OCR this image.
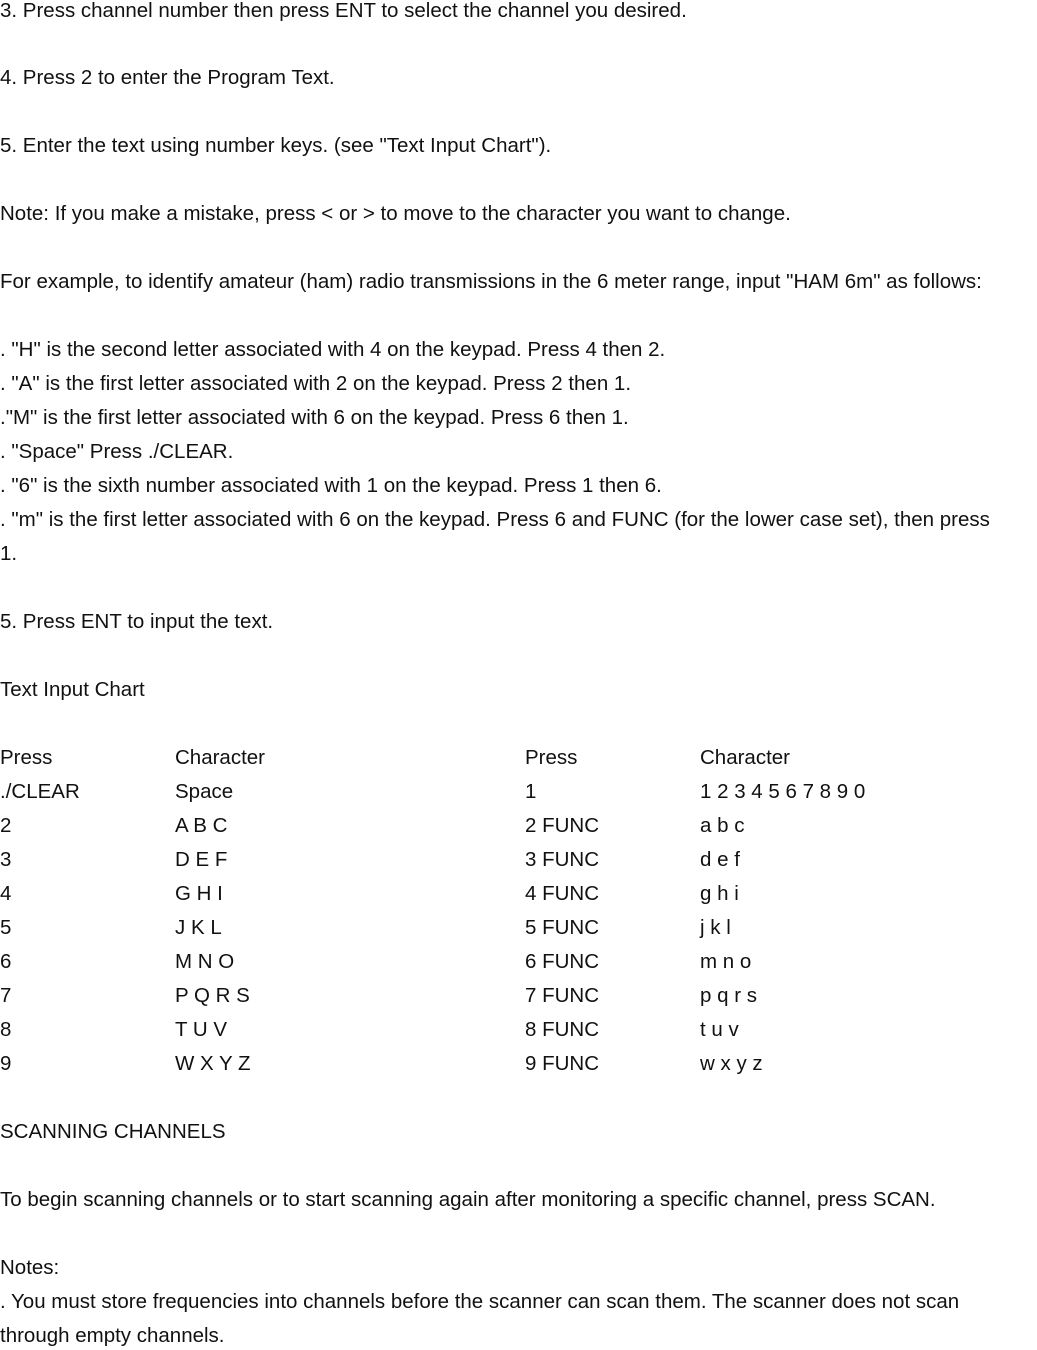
3. Press channel number then press ENT to select the channel you desired.
4. Press 2 to enter the Program Text.
5. Enter the text using number keys. (see "Text Input Chart").
Note: If you make a mistake, press < or > to move to the character you want to change.
For example, to identify amateur (ham) radio transmissions in the 6 meter range, input "HAM 6m" as follows:
. "H" is the second letter associated with 4 on the keypad. Press 4 then 2.
. "A" is the first letter associated with 2 on the keypad. Press 2 then 1.
."M" is the first letter associated with 6 on the keypad. Press 6 then 1.
. "Space" Press ./CLEAR.
. "6" is the sixth number associated with 1 on the keypad. Press 1 then 6.
. "m" is the first letter associated with 6 on the keypad. Press 6 and FUNC (for the lower case set), then press
1.
5. Press ENT to input the text.
Text Input Chart
Press	Character	Press	Character
./CLEAR	Space	1	1 2 3 4 5 6 7 8 9 0
2	A B C	2 FUNC	a b c
3	D E F	3 FUNC	d e f
4	G H I	4 FUNC	g h i
5	J K L	5 FUNC	j k l
6	M N O	6 FUNC	m n o
7	P Q R S	7 FUNC	p q r s
8	T U V	8 FUNC	t u v
9	W X Y Z	9 FUNC	w x y z
SCANNING CHANNELS
To begin scanning channels or to start scanning again after monitoring a specific channel, press SCAN.
Notes:
. You must store frequencies into channels before the scanner can scan them. The scanner does not scan
through empty channels.
